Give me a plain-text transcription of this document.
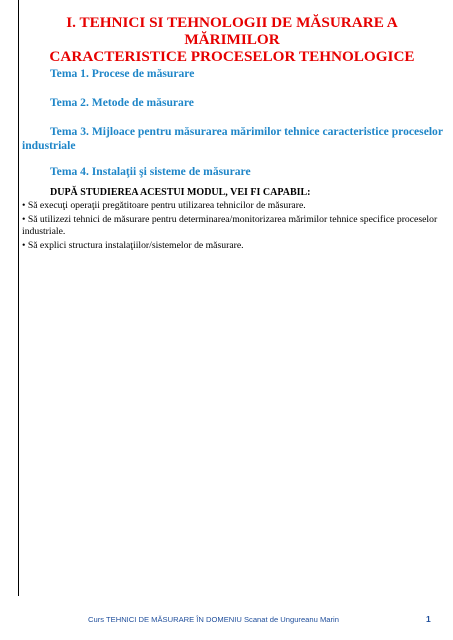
I. TEHNICI SI TEHNOLOGII DE MĂSURARE A MĂRIMILOR
CARACTERISTICE PROCESELOR TEHNOLOGICE

Tema 1. Procese de măsurare

Tema 2. Metode de măsurare

Tema 3. Mijloace pentru măsurarea mărimilor tehnice caracteristice proceselor industriale

Tema 4. Instalaţii şi sisteme de măsurare

DUPĂ STUDIEREA ACESTUI MODUL, VEI FI CAPABIL:

• Să execuţi operaţii pregătitoare pentru utilizarea tehnicilor de măsurare.
• Să utilizezi tehnici de măsurare pentru determinarea/monitorizarea mărimilor tehnice specifice proceselor industriale.
• Să explici structura instalaţiilor/sistemelor de măsurare.
Curs TEHNICI DE MĂSURARE ÎN DOMENIU Scanat de Ungureanu Marin	1
